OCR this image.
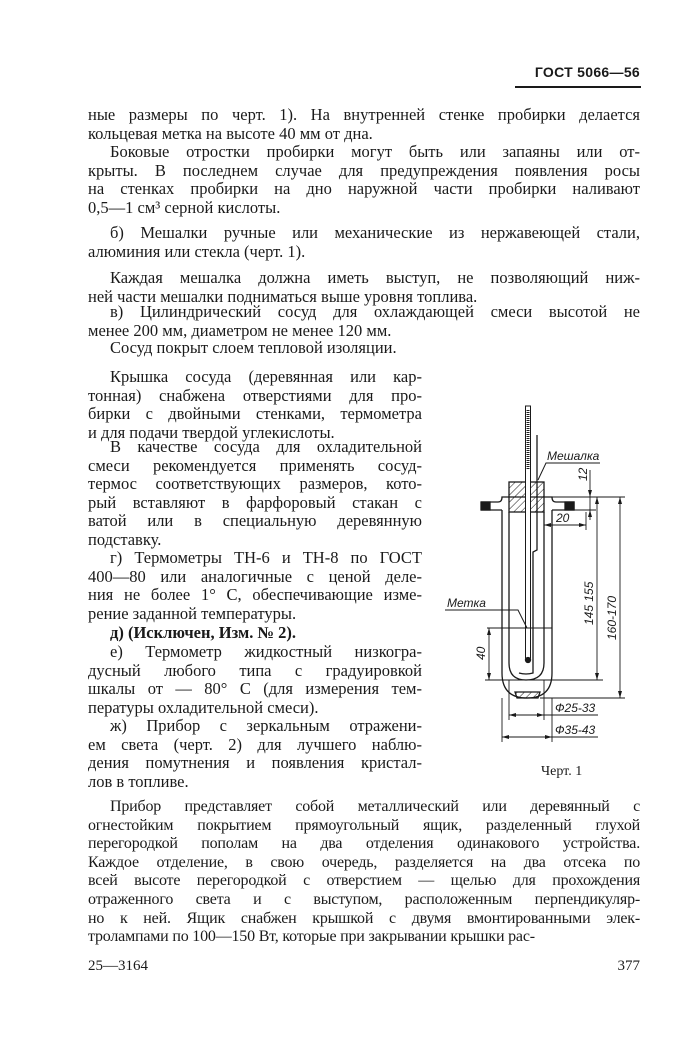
ГОСТ 5066—56
ные размеры по черт. 1). На внутренней стенке пробирки делается
кольцевая метка на высоте 40 мм от дна.
Боковые отростки пробирки могут быть или запаяны или от-
крыты. В последнем случае для предупреждения появления росы
на стенках пробирки на дно наружной части пробирки наливают
0,5—1 см³ серной кислоты.
б) Мешалки ручные или механические из нержавеющей стали,
алюминия или стекла (черт. 1).
Каждая мешалка должна иметь выступ, не позволяющий ниж-
ней части мешалки подниматься выше уровня топлива.
в) Цилиндрический сосуд для охлаждающей смеси высотой не
менее 200 мм, диаметром не менее 120 мм.
Сосуд покрыт слоем тепловой изоляции.
Крышка сосуда (деревянная или кар-
тонная) снабжена отверстиями для про-
бирки с двойными стенками, термометра
и для подачи твердой углекислоты.
В качестве сосуда для охладительной
смеси рекомендуется применять сосуд-
термос соответствующих размеров, кото-
рый вставляют в фарфоровый стакан с
ватой или в специальную деревянную
подставку.
г) Термометры ТН-6 и ТН-8 по ГОСТ
400—80 или аналогичные с ценой деле-
ния не более 1° С, обеспечивающие изме-
рение заданной температуры.
д) (Исключен, Изм. № 2).
е) Термометр жидкостный низкогра-
дусный любого типа с градуировкой
шкалы от — 80° С (для измерения тем-
пературы охладительной смеси).
ж) Прибор с зеркальным отражени-
ем света (черт. 2) для лучшего наблю-
дения помутнения и появления кристал-
лов в топливе.
Прибор представляет собой металлический или деревянный с
огнестойким покрытием прямоугольный ящик, разделенный глухой
перегородкой пополам на два отделения одинакового устройства.
Каждое отделение, в свою очередь, разделяется на два отсека по
всей высоте перегородкой с отверстием — щелью для прохождения
отраженного света и с выступом, расположенным перпендикуляр-
но к ней. Ящик снабжен крышкой с двумя вмонтированными элек-
тролампами по 100—150 Вт, которые при закрывании крышки рас-
Мешалка
Метка
12
20
145 155 160-170
40
Ф25-33
Ф35-43
Черт. 1
25—3164	377
